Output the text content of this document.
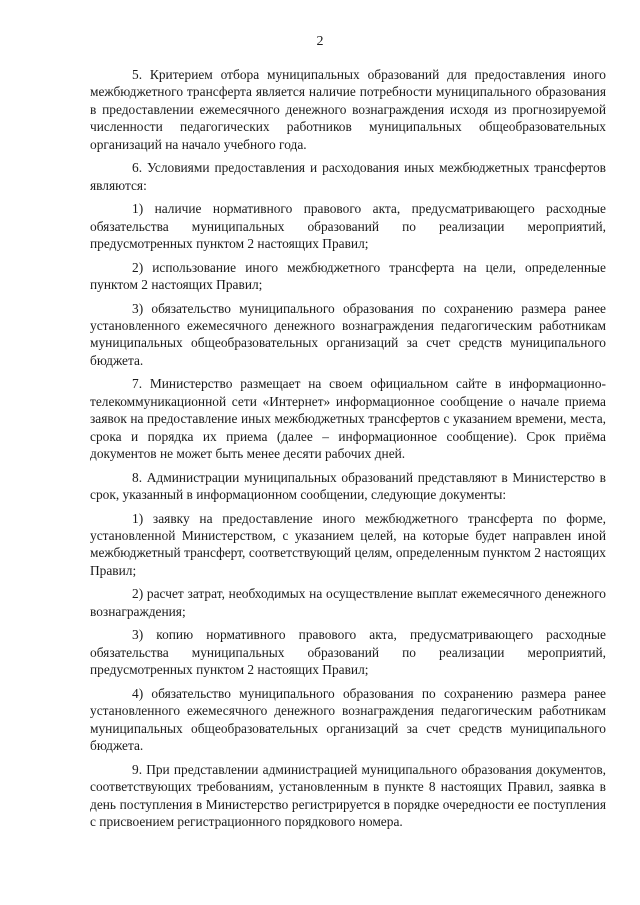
2

5. Критерием отбора муниципальных образований для предоставления иного межбюджетного трансферта является наличие потребности муниципального образования в предоставлении ежемесячного денежного вознаграждения исходя из прогнозируемой численности педагогических работников муниципальных общеобразовательных организаций на начало учебного года.

6. Условиями предоставления и расходования иных межбюджетных трансфертов являются:

1) наличие нормативного правового акта, предусматривающего расходные обязательства муниципальных образований по реализации мероприятий, предусмотренных пунктом 2 настоящих Правил;

2) использование иного межбюджетного трансферта на цели, определенные пунктом 2 настоящих Правил;

3) обязательство муниципального образования по сохранению размера ранее установленного ежемесячного денежного вознаграждения педагогическим работникам муниципальных общеобразовательных организаций за счет средств муниципального бюджета.

7. Министерство размещает на своем официальном сайте в информационно-телекоммуникационной сети «Интернет» информационное сообщение о начале приема заявок на предоставление иных межбюджетных трансфертов с указанием времени, места, срока и порядка их приема (далее – информационное сообщение). Срок приёма документов не может быть менее десяти рабочих дней.

8. Администрации муниципальных образований представляют в Министерство в срок, указанный в информационном сообщении, следующие документы:

1) заявку на предоставление иного межбюджетного трансферта по форме, установленной Министерством, с указанием целей, на которые будет направлен иной межбюджетный трансферт, соответствующий целям, определенным пунктом 2 настоящих Правил;

2) расчет затрат, необходимых на осуществление выплат ежемесячного денежного вознаграждения;

3) копию нормативного правового акта, предусматривающего расходные обязательства муниципальных образований по реализации мероприятий, предусмотренных пунктом 2 настоящих Правил;

4) обязательство муниципального образования по сохранению размера ранее установленного ежемесячного денежного вознаграждения педагогическим работникам муниципальных общеобразовательных организаций за счет средств муниципального бюджета.

9. При представлении администрацией муниципального образования документов, соответствующих требованиям, установленным в пункте 8 настоящих Правил, заявка в день поступления в Министерство регистрируется в порядке очередности ее поступления с присвоением регистрационного порядкового номера.
